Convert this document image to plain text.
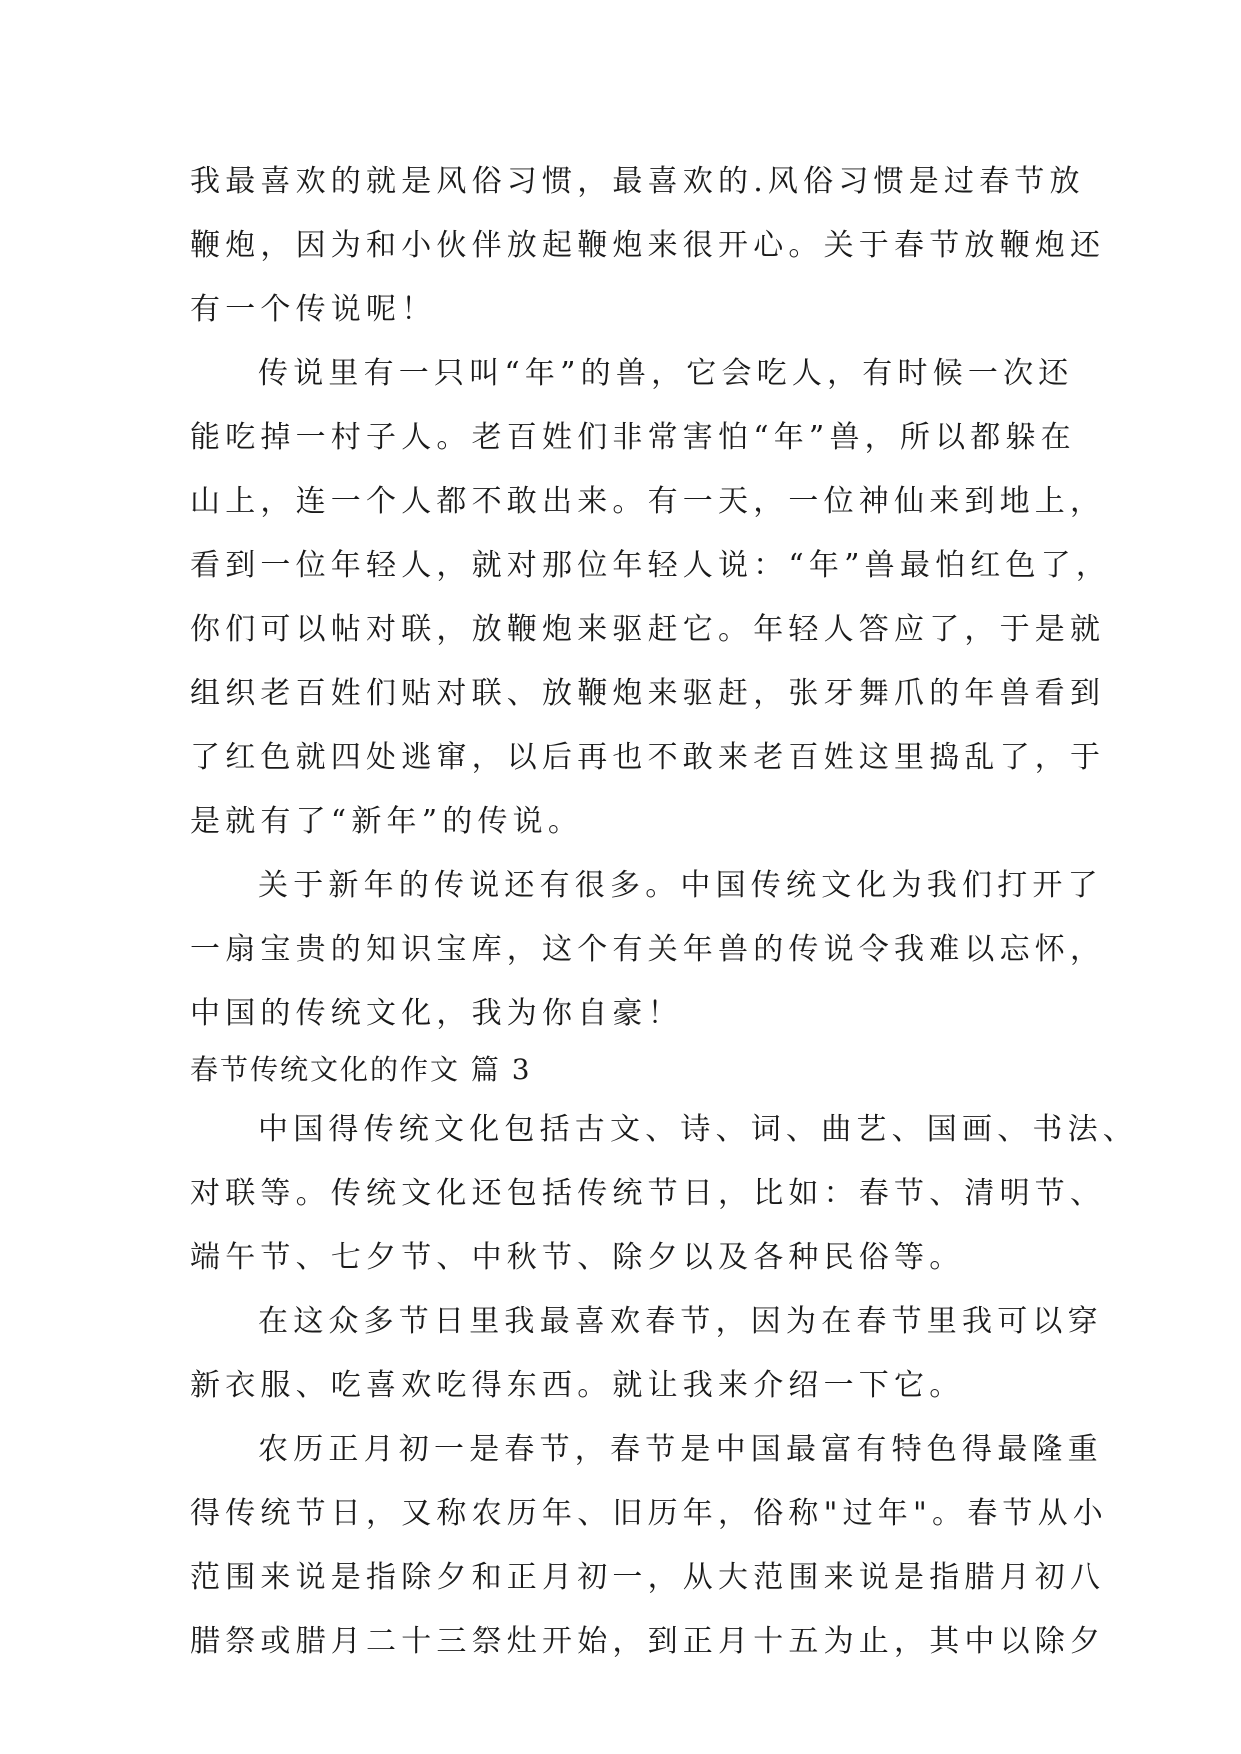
我最喜欢的就是风俗习惯，最喜欢的.风俗习惯是过春节放
鞭炮，因为和小伙伴放起鞭炮来很开心。关于春节放鞭炮还
有一个传说呢！
传说里有一只叫“年”的兽，它会吃人，有时候一次还
能吃掉一村子人。老百姓们非常害怕“年”兽，所以都躲在
山上，连一个人都不敢出来。有一天，一位神仙来到地上，
看到一位年轻人，就对那位年轻人说：“年”兽最怕红色了，
你们可以帖对联，放鞭炮来驱赶它。年轻人答应了，于是就
组织老百姓们贴对联、放鞭炮来驱赶，张牙舞爪的年兽看到
了红色就四处逃窜，以后再也不敢来老百姓这里捣乱了，于
是就有了“新年”的传说。
关于新年的传说还有很多。中国传统文化为我们打开了
一扇宝贵的知识宝库，这个有关年兽的传说令我难以忘怀，
中国的传统文化，我为你自豪！
春节传统文化的作文 篇 3
中国得传统文化包括古文、诗、词、曲艺、国画、书法、
对联等。传统文化还包括传统节日，比如：春节、清明节、
端午节、七夕节、中秋节、除夕以及各种民俗等。
在这众多节日里我最喜欢春节，因为在春节里我可以穿
新衣服、吃喜欢吃得东西。就让我来介绍一下它。
农历正月初一是春节，春节是中国最富有特色得最隆重
得传统节日，又称农历年、旧历年，俗称"过年"。春节从小
范围来说是指除夕和正月初一，从大范围来说是指腊月初八
腊祭或腊月二十三祭灶开始，到正月十五为止，其中以除夕
